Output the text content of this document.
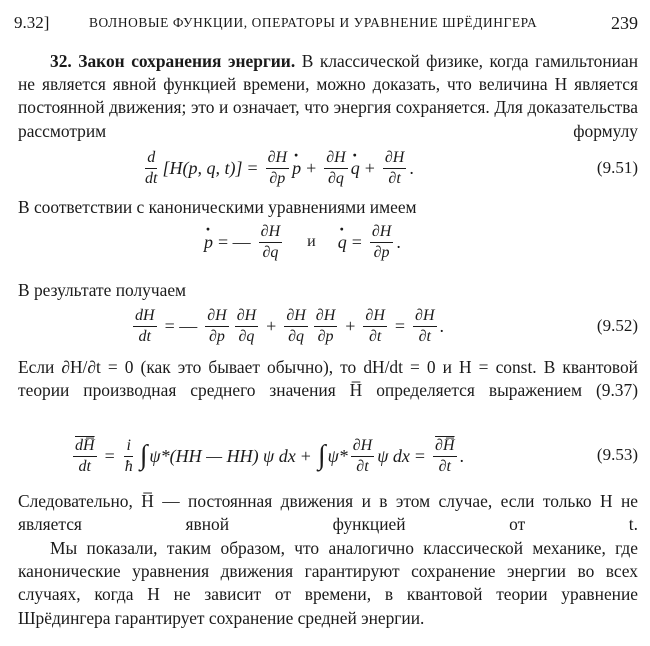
9.32]	ВОЛНОВЫЕ ФУНКЦИИ, ОПЕРАТОРЫ И УРАВНЕНИЕ ШРЁДИНГЕРА	239
32. Закон сохранения энергии. В классической физике, когда гамильтониан не является явной функцией времени, можно доказать, что величина H является постоянной движения; это и означает, что энергия сохраняется. Для доказательства рассмотрим формулу
$\frac{d}{dt} [H(p$, q, $t)] = \frac{\partial H}{\partial p} \cdot p + \frac{\partial H}{\partial q} \cdot q + \frac{\partial H}{\partial t}$ .	(9.51)
В соответствии с каноническими уравнениями имеем
· p = — $\frac{\partial H}{\partial q}$ $и \cdot q = \frac{\partial H}{\partial p}$ .
В результате получаем
$\frac{dH}{dt}$ = — $\frac{\partial H}{\partial p} \frac{\partial H}{\partial q} + \frac{\partial H}{\partial q} \frac{\partial H}{\partial p} + \frac{\partial H}{\partial t} = \frac{\partial H}{\partial t}$ .	(9.52)
Если ∂H/∂t = 0 (как это бывает обычно), то dH/dt = 0 и H = const. В квантовой теории производная среднего значения H̅ определяется выражением (9.37)
$\frac{dH̅}{dt} = \frac{i}{ħ}$ ∫ ψ*(HH — HH) ψ dx + ∫ $\psi* \frac{\partial H}{\partial t}$ ψ dx = $\frac{\partial H̅}{\partial t}$ .	(9.53)
Следовательно, H̅ — постоянная движения и в этом случае, если только H не является явной функцией от t.
Мы показали, таким образом, что аналогично классической механике, где канонические уравнения движения гарантируют сохранение энергии во всех случаях, когда H не зависит от времени, в квантовой теории уравнение Шрёдингера гарантирует сохранение средней энергии.
